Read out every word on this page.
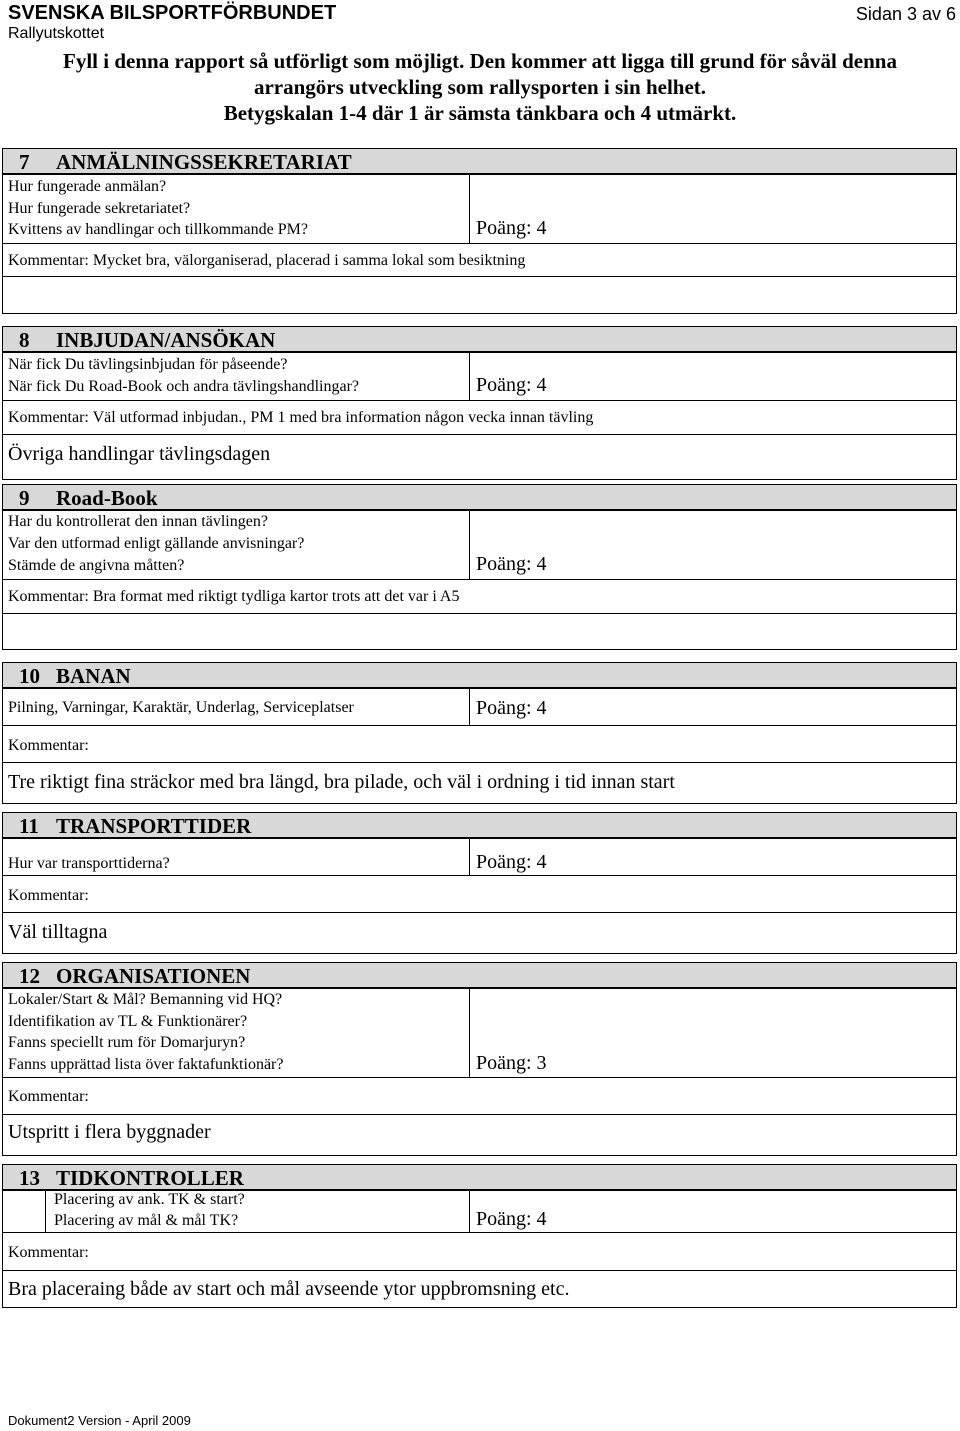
SVENSKA BILSPORTFÖRBUNDET	Sidan 3 av 6
Rallyutskottet
Fyll i denna rapport så utförligt som möjligt. Den kommer att ligga till grund för såväl denna
arrangörs utveckling som rallysporten i sin helhet.
Betygskalan 1-4 där 1 är sämsta tänkbara och 4 utmärkt.
7 ANMÄLNINGSSEKRETARIAT
Hur fungerade anmälan?
Hur fungerade sekretariatet?
Kvittens av handlingar och tillkommande PM?	Poäng: 4
Kommentar: Mycket bra, välorganiserad, placerad i samma lokal som besiktning
8 INBJUDAN/ANSÖKAN
När fick Du tävlingsinbjudan för påseende?
När fick Du Road-Book och andra tävlingshandlingar?	Poäng: 4
Kommentar: Väl utformad inbjudan., PM 1 med bra information någon vecka innan tävling
Övriga handlingar tävlingsdagen
9 Road-Book
Har du kontrollerat den innan tävlingen?
Var den utformad enligt gällande anvisningar?
Stämde de angivna måtten?	Poäng: 4
Kommentar: Bra format med riktigt tydliga kartor trots att det var i A5
10 BANAN
Pilning, Varningar, Karaktär, Underlag, Serviceplatser	Poäng: 4
Kommentar:
Tre riktigt fina sträckor med bra längd, bra pilade, och väl i ordning i tid innan start
11 TRANSPORTTIDER
Hur var transporttiderna?	Poäng: 4
Kommentar:
Väl tilltagna
12 ORGANISATIONEN
Lokaler/Start & Mål? Bemanning vid HQ?
Identifikation av TL & Funktionärer?
Fanns speciellt rum för Domarjuryn?
Fanns upprättad lista över faktafunktionär?	Poäng: 3
Kommentar:
Utspritt i flera byggnader
13 TIDKONTROLLER
Placering av ank. TK & start?
Placering av mål & mål TK?	Poäng: 4
Kommentar:
Bra placeraing både av start och mål avseende ytor uppbromsning etc.
Dokument2 Version - April 2009
